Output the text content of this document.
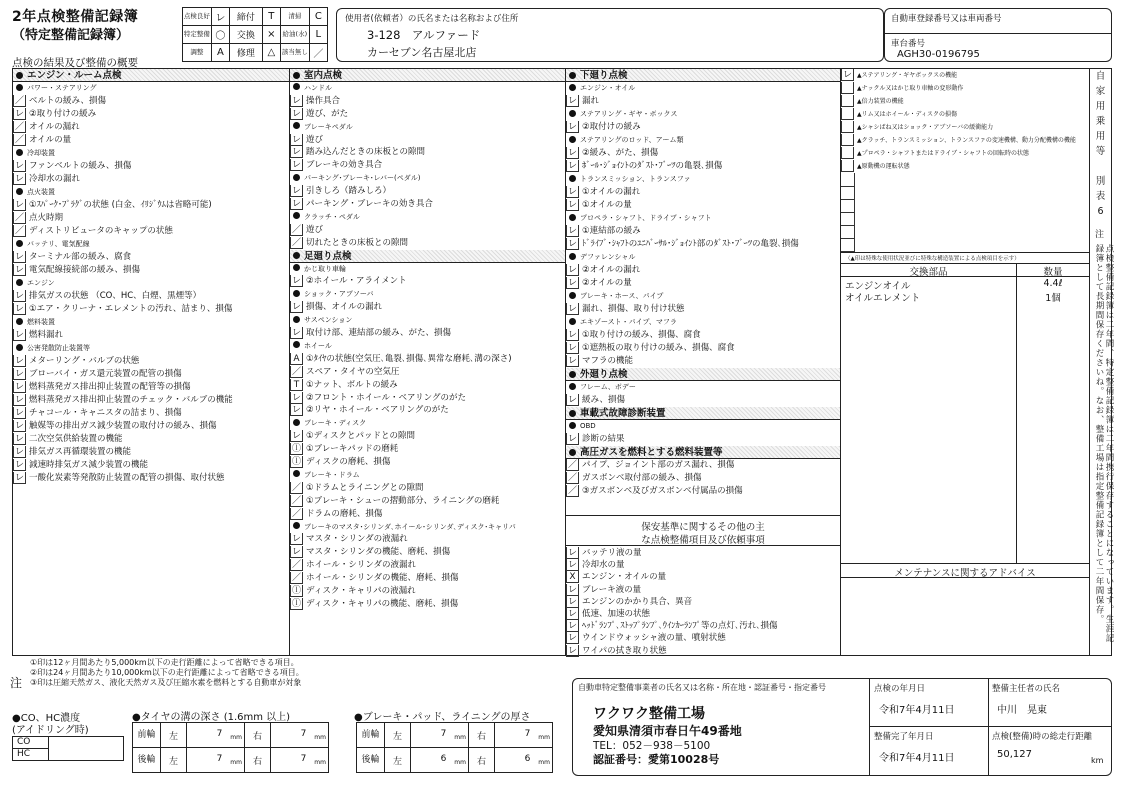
2年点検整備記録簿
（特定整備記録簿）
点検の結果及び整備の概要
点検良好	レ	締付	T	清掃	C
特定整備	〇	交換	×	給油(水)	L
調整	A	修理	△	該当無し	／
使用者(依頼者）の氏名または名称および住所
3-128　アルファード
カーセブン名古屋北店
自動車登録番号又は車両番号
車台番号
AGH30-0196795
エンジン・ルーム点検
パワー・ステアリング
／ ベルトの緩み、損傷
レ ②取り付けの緩み
／ オイルの漏れ
／ オイルの量
冷却装置
レ ファンベルトの緩み、損傷
レ 冷却水の漏れ
点火装置
レ ①ｽﾊﾟｰｸ･ﾌﾟﾗｸﾞの状態 (白金、ｲﾘｼﾞｳﾑは省略可能)
／ 点火時期
／ ディストリビュータのキャップの状態
バッテリ、電気配線
レ ターミナル部の緩み、腐食
レ 電気配線接続部の緩み、損傷
エンジン
レ 排気ガスの状態 （CO、HC、白煙、黒煙等）
レ ①エア・クリーナ・エレメントの汚れ、詰まり、損傷
燃料装置
レ 燃料漏れ
公害発散防止装置等
レ メターリング・バルブの状態
レ ブローバイ・ガス還元装置の配管の損傷
レ 燃料蒸発ガス排出抑止装置の配管等の損傷
レ 燃料蒸発ガス排出抑止装置のチェック・バルブの機能
レ チャコール・キャニスタの詰まり、損傷
レ 触媒等の排出ガス減少装置の取付けの緩み、損傷
レ 二次空気供給装置の機能
レ 排気ガス再循環装置の機能
レ 減速時排気ガス減少装置の機能
レ 一酸化炭素等発散防止装置の配管の損傷、取付状態
室内点検
ハンドル
レ 操作具合
レ 遊び、がた
ブレーキペダル
レ 遊び
レ 踏み込んだときの床板との隙間
レ ブレーキの効き具合
パーキング･ブレーキ･レバー(ペダル)
レ 引きしろ（踏みしろ）
レ パーキング・ブレーキの効き具合
クラッチ・ペダル
／ 遊び
／ 切れたときの床板との隙間
足廻り点検
かじ取り車輪
レ ②ホイール・アライメント
ショック・アブソーバ
レ 損傷、オイルの漏れ
サスペンション
レ 取付け部、連結部の緩み、がた、損傷
ホイール
A ①ﾀｲﾔの状態(空気圧､亀裂､損傷､異常な磨耗､溝の深さ)
／ スペア・タイヤの空気圧
T ①ナット、ボルトの緩み
レ ②フロント・ホイール・ベアリングのがた
レ ②リヤ・ホイール・ベアリングのがた
ブレーキ・ディスク
レ ①ディスクとパッドとの隙間
ⓛ ①ブレーキパッドの磨耗
ⓛ ディスクの磨耗、損傷
ブレーキ・ドラム
／ ①ドラムとライニングとの隙間
／ ①ブレーキ・シューの摺動部分、ライニングの磨耗
／ ドラムの磨耗、損傷
ブレーキのマスタ･シリンダ､ホイール･シリンダ､ディスク･キャリパ
レ マスタ・シリンダの液漏れ
レ マスタ・シリンダの機能、磨耗、損傷
／ ホイール・シリンダの液漏れ
／ ホイール・シリンダの機能、磨耗、損傷
ⓛ ディスク・キャリパの液漏れ
ⓛ ディスク・キャリパの機能、磨耗、損傷
下廻り点検
エンジン・オイル
レ 漏れ
ステアリング・ギヤ・ボックス
レ ②取付けの緩み
ステアリングのロッド、アーム類
レ ②緩み、がた、損傷
レ ﾎﾞｰﾙ･ｼﾞｮｲﾝﾄのﾀﾞｽﾄ･ﾌﾞｰﾂの亀裂､損傷
トランスミッション、トランスファ
レ ①オイルの漏れ
レ ①オイルの量
プロペラ・シャフト、ドライブ・シャフト
レ ①連結部の緩み
レ ﾄﾞﾗｲﾌﾞ･ｼｬﾌﾄのﾕﾆﾊﾞｰｻﾙ･ｼﾞｮｲﾝﾄ部のﾀﾞｽﾄ･ﾌﾞｰﾂの亀裂､損傷
デファレンシャル
レ ②オイルの漏れ
レ ②オイルの量
ブレーキ・ホース、パイプ
レ 漏れ、損傷、取り付け状態
エキゾースト・パイプ、マフラ
レ ①取り付けの緩み、損傷、腐食
レ ①遮熱板の取り付けの緩み、損傷、腐食
レ マフラの機能
外廻り点検
フレーム、ボデー
レ 緩み、損傷
車載式故障診断装置
OBD
レ 診断の結果
高圧ガスを燃料とする燃料装置等
／ パイプ、ジョイント部のガス漏れ、損傷
／ ガスボンベ取付部の緩み、損傷
／ ③ガスボンベ及びガスボンベ付属品の損傷
保安基準に関するその他の主
な点検整備項目及び依頼事項
レ バッテリ液の量
レ 冷却水の量
X エンジン・オイルの量
レ ブレーキ液の量
レ エンジンのかかり具合、異音
レ 低速、加速の状態
レ ﾍｯﾄﾞﾗﾝﾌﾟ､ｽﾄｯﾌﾟﾗﾝﾌﾟ､ｳｲﾝｶｰﾗﾝﾌﾟ等の点灯､汚れ､損傷
レ ウインドウォッシャ液の量、噴射状態
レ ワイパの拭き取り状態
レ ▲ステアリング・ギヤボックスの機能
▲ナックル又はかじ取り車軸の変形動作
▲倍力装置の機能
▲リム又はホイール・ディスクの損傷
▲シャシばね又はショック・アブソーバの緩衝能力
▲クラッチ、トランスミッション、トランスファの変速機構、動力分配機構の機能
▲プロペラ・シャフトまたはドライブ・シャフトの回転時の状態
▲原動機の運転状態
（▲印は特殊な使用状況並びに特殊な構造装置による点検項目を示す）
交換部品	数量
エンジンオイル	4.4ℓ
オイルエレメント	1個
メンテナンスに関するアドバイス
自
家
用
乗
用
等

別
表
6
注
点検整備記録簿は二年間、特定整備記録簿は二年間携行保存することになっています。生涯記録簿として長期間保存くださいね。なお、整備工場は指定整備記録簿として二年間保存。
注
①印は12ヶ月間あたり5,000km以下の走行距離によって省略できる項目。
②印は24ヶ月間あたり10,000km以下の走行距離によって省略できる項目。
③印は圧縮天然ガス、液化天然ガス及び圧縮水素を燃料とする自動車が対象
●CO、HC濃度
(アイドリング時)
CO
HC
●タイヤの溝の深さ (1.6mm 以上)
前輪	左	7 $_{mm}$	右	7 $_{mm}$
後輪	左	7 $_{mm}$	右	7 $_{mm}$
●ブレーキ・パッド、ライニングの厚さ
前輪	左	7 $_{mm}$	右	7 $_{mm}$
後輪	左	6 $_{mm}$	右	6 $_{mm}$
自動車特定整備事業者の氏名又は名称・所在地・認証番号・指定番号
ワクワク整備工場
愛知県清須市春日午49番地
TEL：052－938－5100
認証番号：愛第10028号
点検の年月日
令和7年4月11日
整備完了年月日
令和7年4月11日
整備主任者の氏名
中川　晃東
点検(整備)時の総走行距離
50,127
km
